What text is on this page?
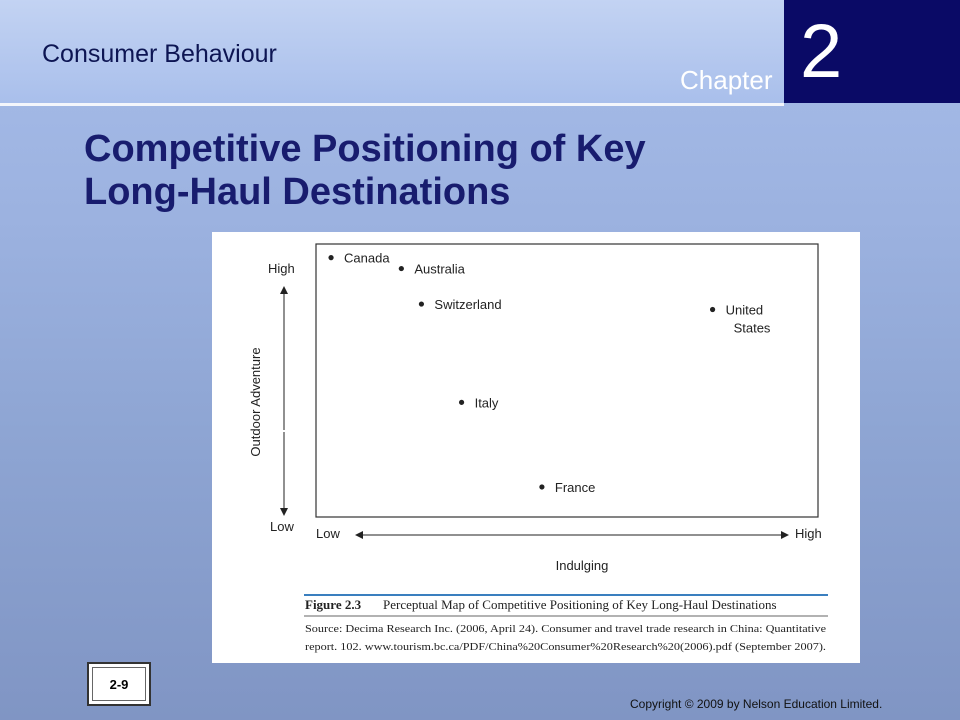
Consumer Behaviour
Chapter 2
Competitive Positioning of Key
Long-Haul Destinations
High
Low
Outdoor Adventure
Low	High
Indulging
Canada
Australia
Switzerland	United
States
Italy
France
Figure 2.3 Perceptual Map of Competitive Positioning of Key Long-Haul Destinations
Source: Decima Research Inc. (2006, April 24). Consumer and travel trade research in China: Quantitative
report. 102. www.tourism.bc.ca/PDF/China%20Consumer%20Research%20(2006).pdf (September 2007).
2-9
Copyright © 2009 by Nelson Education Limited.
